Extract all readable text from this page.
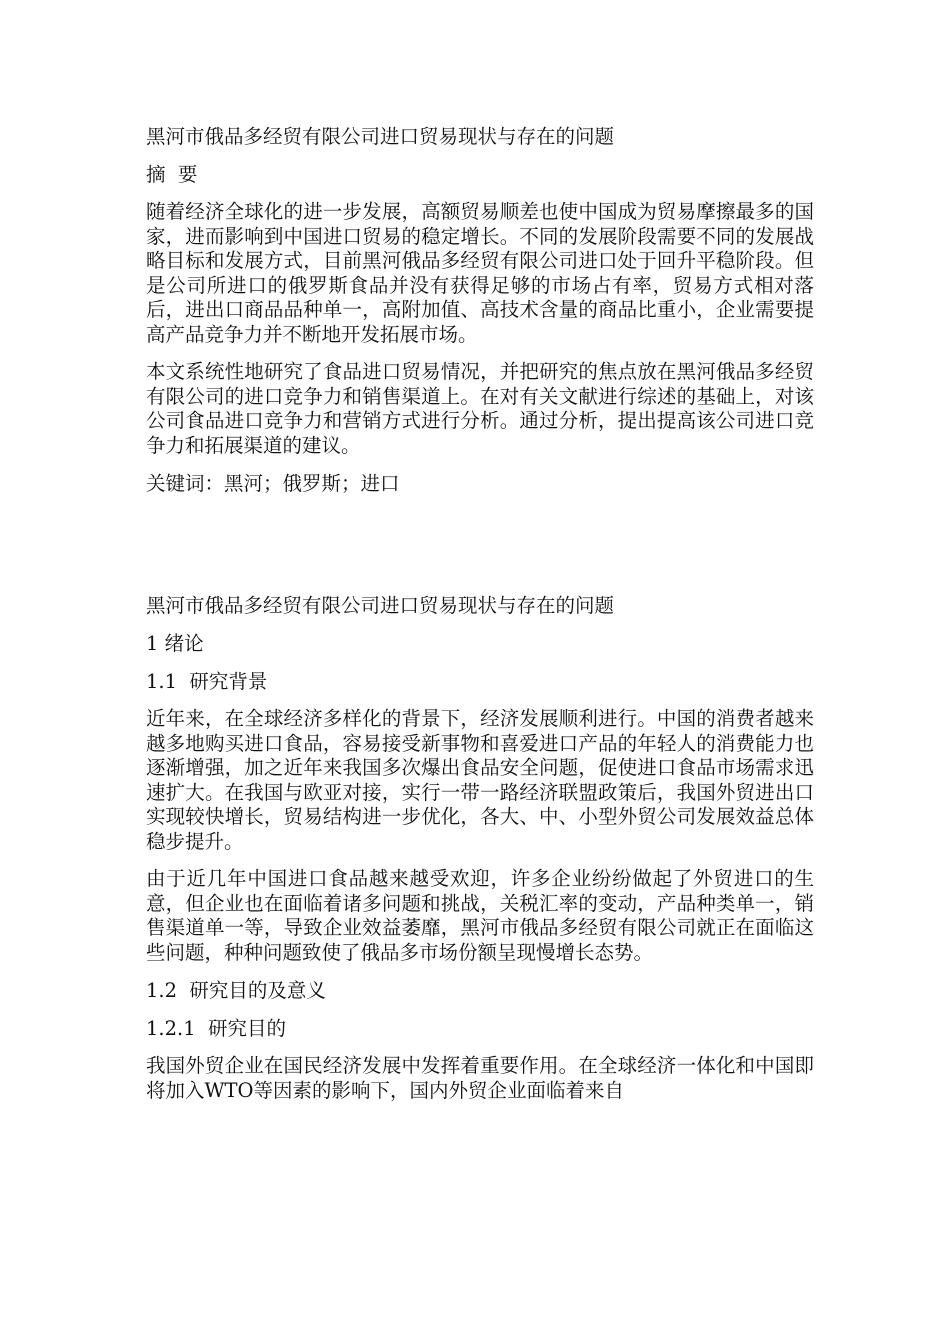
黑河市俄品多经贸有限公司进口贸易现状与存在的问题

摘  要

随着经济全球化的进一步发展，高额贸易顺差也使中国成为贸易摩擦最多的国家，进而影响到中国进口贸易的稳定增长。不同的发展阶段需要不同的发展战略目标和发展方式，目前黑河俄品多经贸有限公司进口处于回升平稳阶段。但是公司所进口的俄罗斯食品并没有获得足够的市场占有率，贸易方式相对落后，进出口商品品种单一，高附加值、高技术含量的商品比重小，企业需要提高产品竞争力并不断地开发拓展市场。

本文系统性地研究了食品进口贸易情况，并把研究的焦点放在黑河俄品多经贸有限公司的进口竞争力和销售渠道上。在对有关文献进行综述的基础上，对该公司食品进口竞争力和营销方式进行分析。通过分析，提出提高该公司进口竞争力和拓展渠道的建议。

关键词：黑河；俄罗斯；进口

黑河市俄品多经贸有限公司进口贸易现状与存在的问题

1 绪论

1.1  研究背景

近年来，在全球经济多样化的背景下，经济发展顺利进行。中国的消费者越来越多地购买进口食品，容易接受新事物和喜爱进口产品的年轻人的消费能力也逐渐增强，加之近年来我国多次爆出食品安全问题，促使进口食品市场需求迅速扩大。在我国与欧亚对接，实行一带一路经济联盟政策后，我国外贸进出口实现较快增长，贸易结构进一步优化，各大、中、小型外贸公司发展效益总体稳步提升。

由于近几年中国进口食品越来越受欢迎，许多企业纷纷做起了外贸进口的生意，但企业也在面临着诸多问题和挑战，关税汇率的变动，产品种类单一，销售渠道单一等，导致企业效益萎靡，黑河市俄品多经贸有限公司就正在面临这些问题，种种问题致使了俄品多市场份额呈现慢增长态势。

1.2  研究目的及意义

1.2.1  研究目的

我国外贸企业在国民经济发展中发挥着重要作用。在全球经济一体化和中国即将加入WTO等因素的影响下，国内外贸企业面临着来自
